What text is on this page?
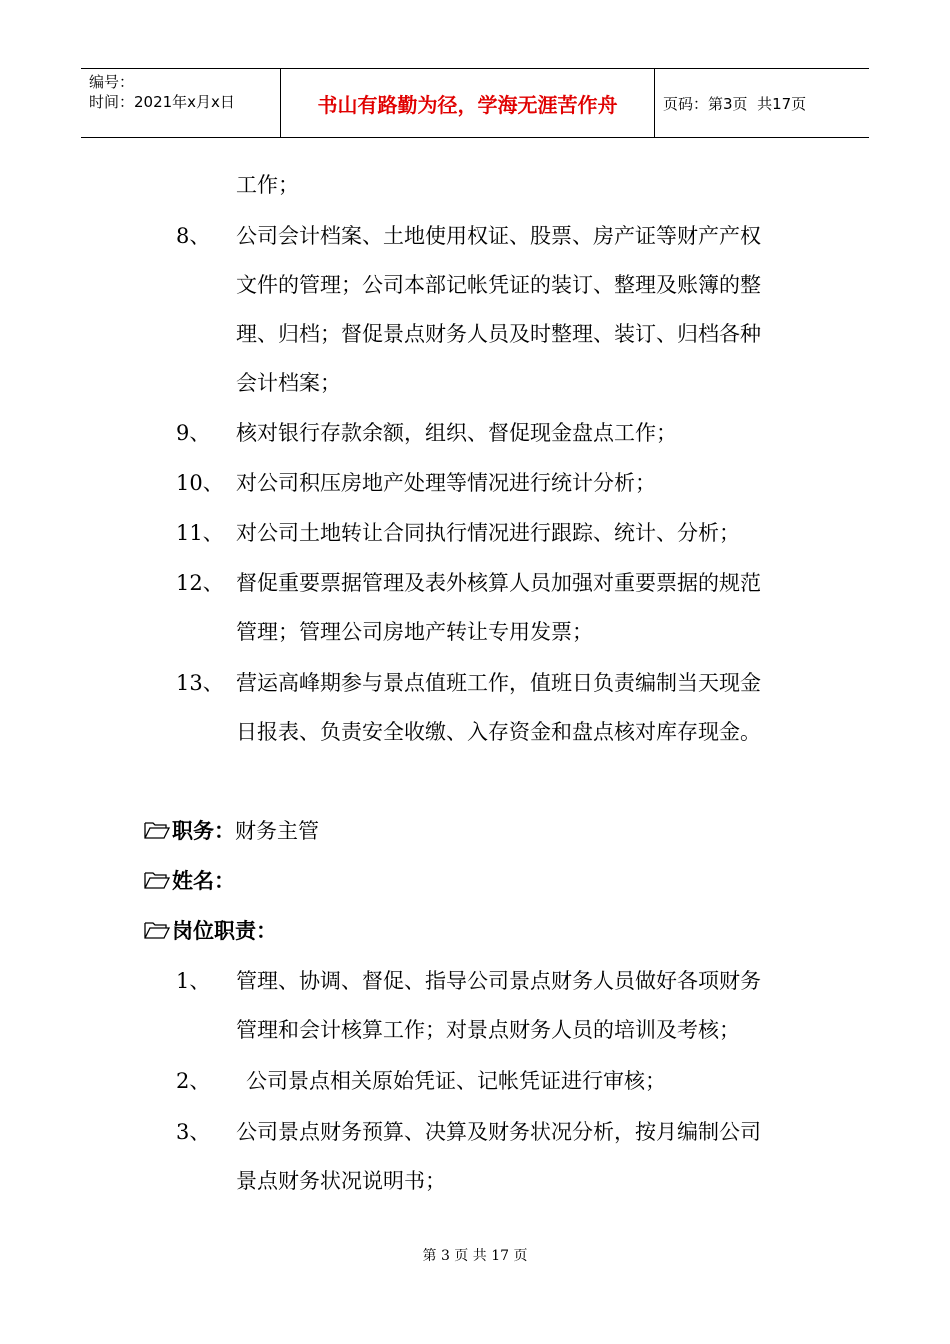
编号：
时间：2021年x月x日	书山有路勤为径，学海无涯苦作舟	页码：第3页  共17页
工作；
8、 公司会计档案、土地使用权证、股票、房产证等财产产权
文件的管理；公司本部记帐凭证的装订、整理及账簿的整
理、归档；督促景点财务人员及时整理、装订、归档各种
会计档案；
9、 核对银行存款余额，组织、督促现金盘点工作；
10、 对公司积压房地产处理等情况进行统计分析；
11、 对公司土地转让合同执行情况进行跟踪、统计、分析；
12、 督促重要票据管理及表外核算人员加强对重要票据的规范
管理；管理公司房地产转让专用发票；
13、 营运高峰期参与景点值班工作，值班日负责编制当天现金
日报表、负责安全收缴、入存资金和盘点核对库存现金。
职务：财务主管
姓名：
岗位职责：
1、 管理、协调、督促、指导公司景点财务人员做好各项财务
管理和会计核算工作；对景点财务人员的培训及考核；
2、 公司景点相关原始凭证、记帐凭证进行审核；
3、 公司景点财务预算、决算及财务状况分析，按月编制公司
景点财务状况说明书；
第 3 页 共 17 页
